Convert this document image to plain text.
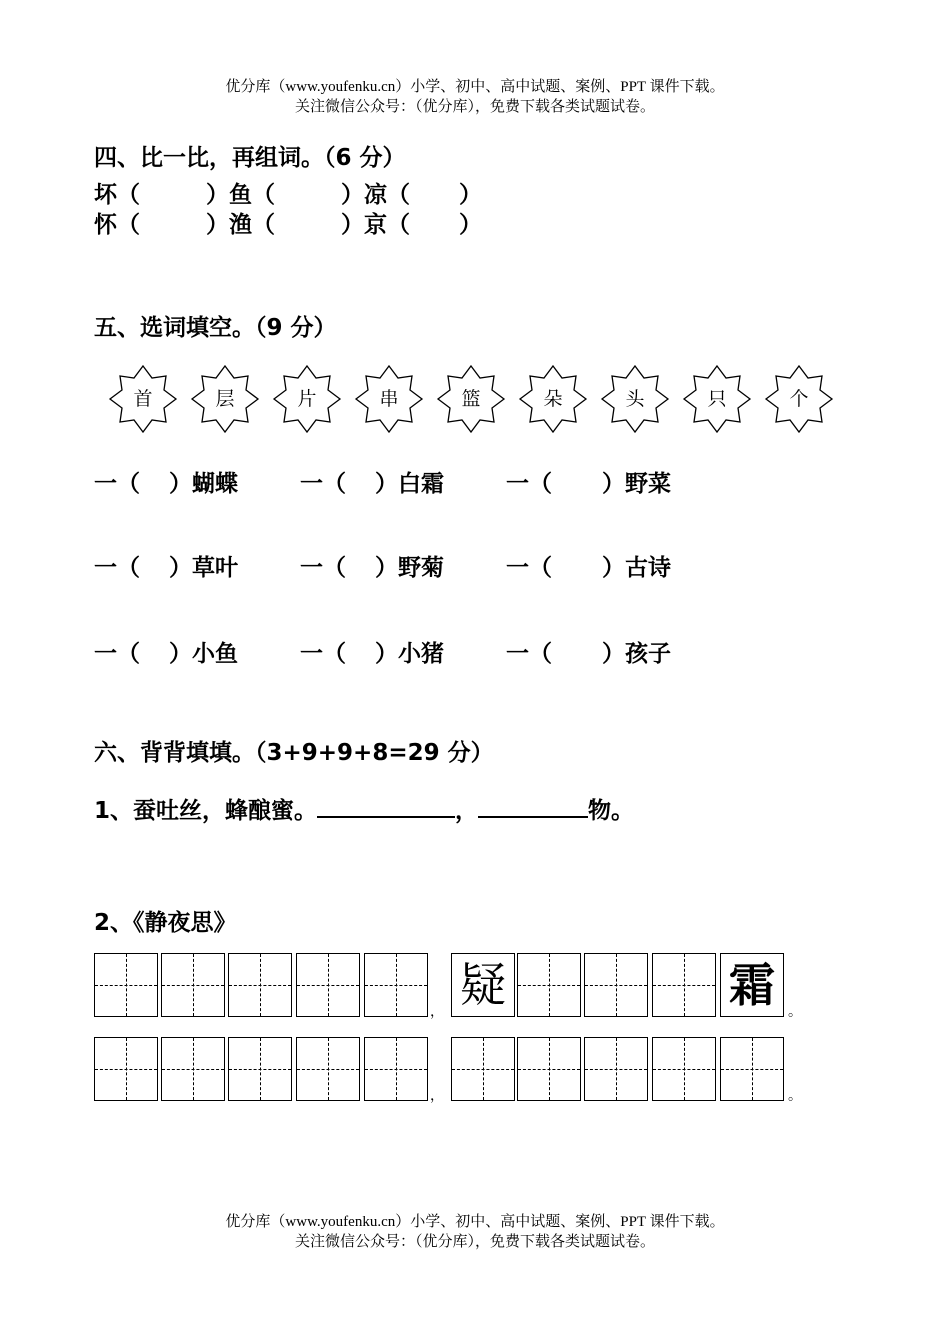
优分库（www.youfenku.cn）小学、初中、高中试题、案例、PPT 课件下载。
关注微信公众号：（优分库），免费下载各类试题试卷。
四、比一比，再组词。（6 分）
坏（	）鱼（	）凉（ ）
怀（	）渔（	）京（ ）
五、选词填空。（9 分）
首	层	片	串	篮	朵	头	只	个
一（ ）蝴蝶	一（ ）白霜	一（ ）野菜
一（ ）草叶	一（ ）野菊	一（ ）古诗
一（ ）小鱼	一（ ）小猪	一（ ）孩子
六、背背填填。（3+9+9+8=29 分）
1、蚕吐丝，蜂酿蜜。	，	物。
2、《静夜思》
， 疑	霜 。
，	。
优分库（www.youfenku.cn）小学、初中、高中试题、案例、PPT 课件下载。
关注微信公众号：（优分库），免费下载各类试题试卷。
